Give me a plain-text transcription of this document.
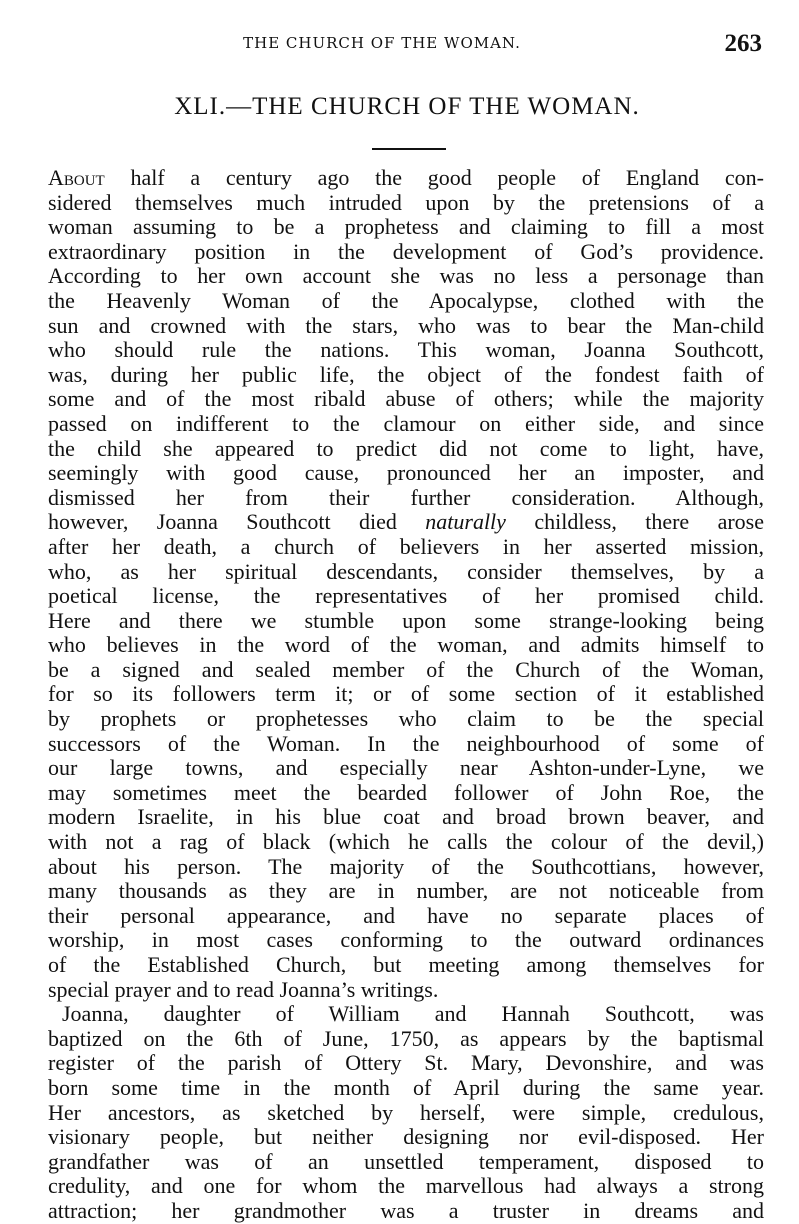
THE CHURCH OF THE WOMAN.	263
XLI.—THE CHURCH OF THE WOMAN.
About half a century ago the good people of England con-
sidered themselves much intruded upon by the pretensions of a
woman assuming to be a prophetess and claiming to fill a most
extraordinary position in the development of God’s providence.
According to her own account she was no less a personage than
the Heavenly Woman of the Apocalypse, clothed with the
sun and crowned with the stars, who was to bear the Man-child
who should rule the nations. This woman, Joanna Southcott,
was, during her public life, the object of the fondest faith of
some and of the most ribald abuse of others; while the majority
passed on indifferent to the clamour on either side, and since
the child she appeared to predict did not come to light, have,
seemingly with good cause, pronounced her an imposter, and
dismissed her from their further consideration. Although,
however, Joanna Southcott died naturally childless, there arose
after her death, a church of believers in her asserted mission,
who, as her spiritual descendants, consider themselves, by a
poetical license, the representatives of her promised child.
Here and there we stumble upon some strange-looking being
who believes in the word of the woman, and admits himself to
be a signed and sealed member of the Church of the Woman,
for so its followers term it; or of some section of it established
by prophets or prophetesses who claim to be the special
successors of the Woman. In the neighbourhood of some of
our large towns, and especially near Ashton-under-Lyne, we
may sometimes meet the bearded follower of John Roe, the
modern Israelite, in his blue coat and broad brown beaver, and
with not a rag of black (which he calls the colour of the devil,)
about his person. The majority of the Southcottians, however,
many thousands as they are in number, are not noticeable from
their personal appearance, and have no separate places of
worship, in most cases conforming to the outward ordinances
of the Established Church, but meeting among themselves for
special prayer and to read Joanna’s writings.
Joanna, daughter of William and Hannah Southcott, was
baptized on the 6th of June, 1750, as appears by the baptismal
register of the parish of Ottery St. Mary, Devonshire, and was
born some time in the month of April during the same year.
Her ancestors, as sketched by herself, were simple, credulous,
visionary people, but neither designing nor evil-disposed. Her
grandfather was of an unsettled temperament, disposed to
credulity, and one for whom the marvellous had always a strong
attraction; her grandmother was a truster in dreams and
